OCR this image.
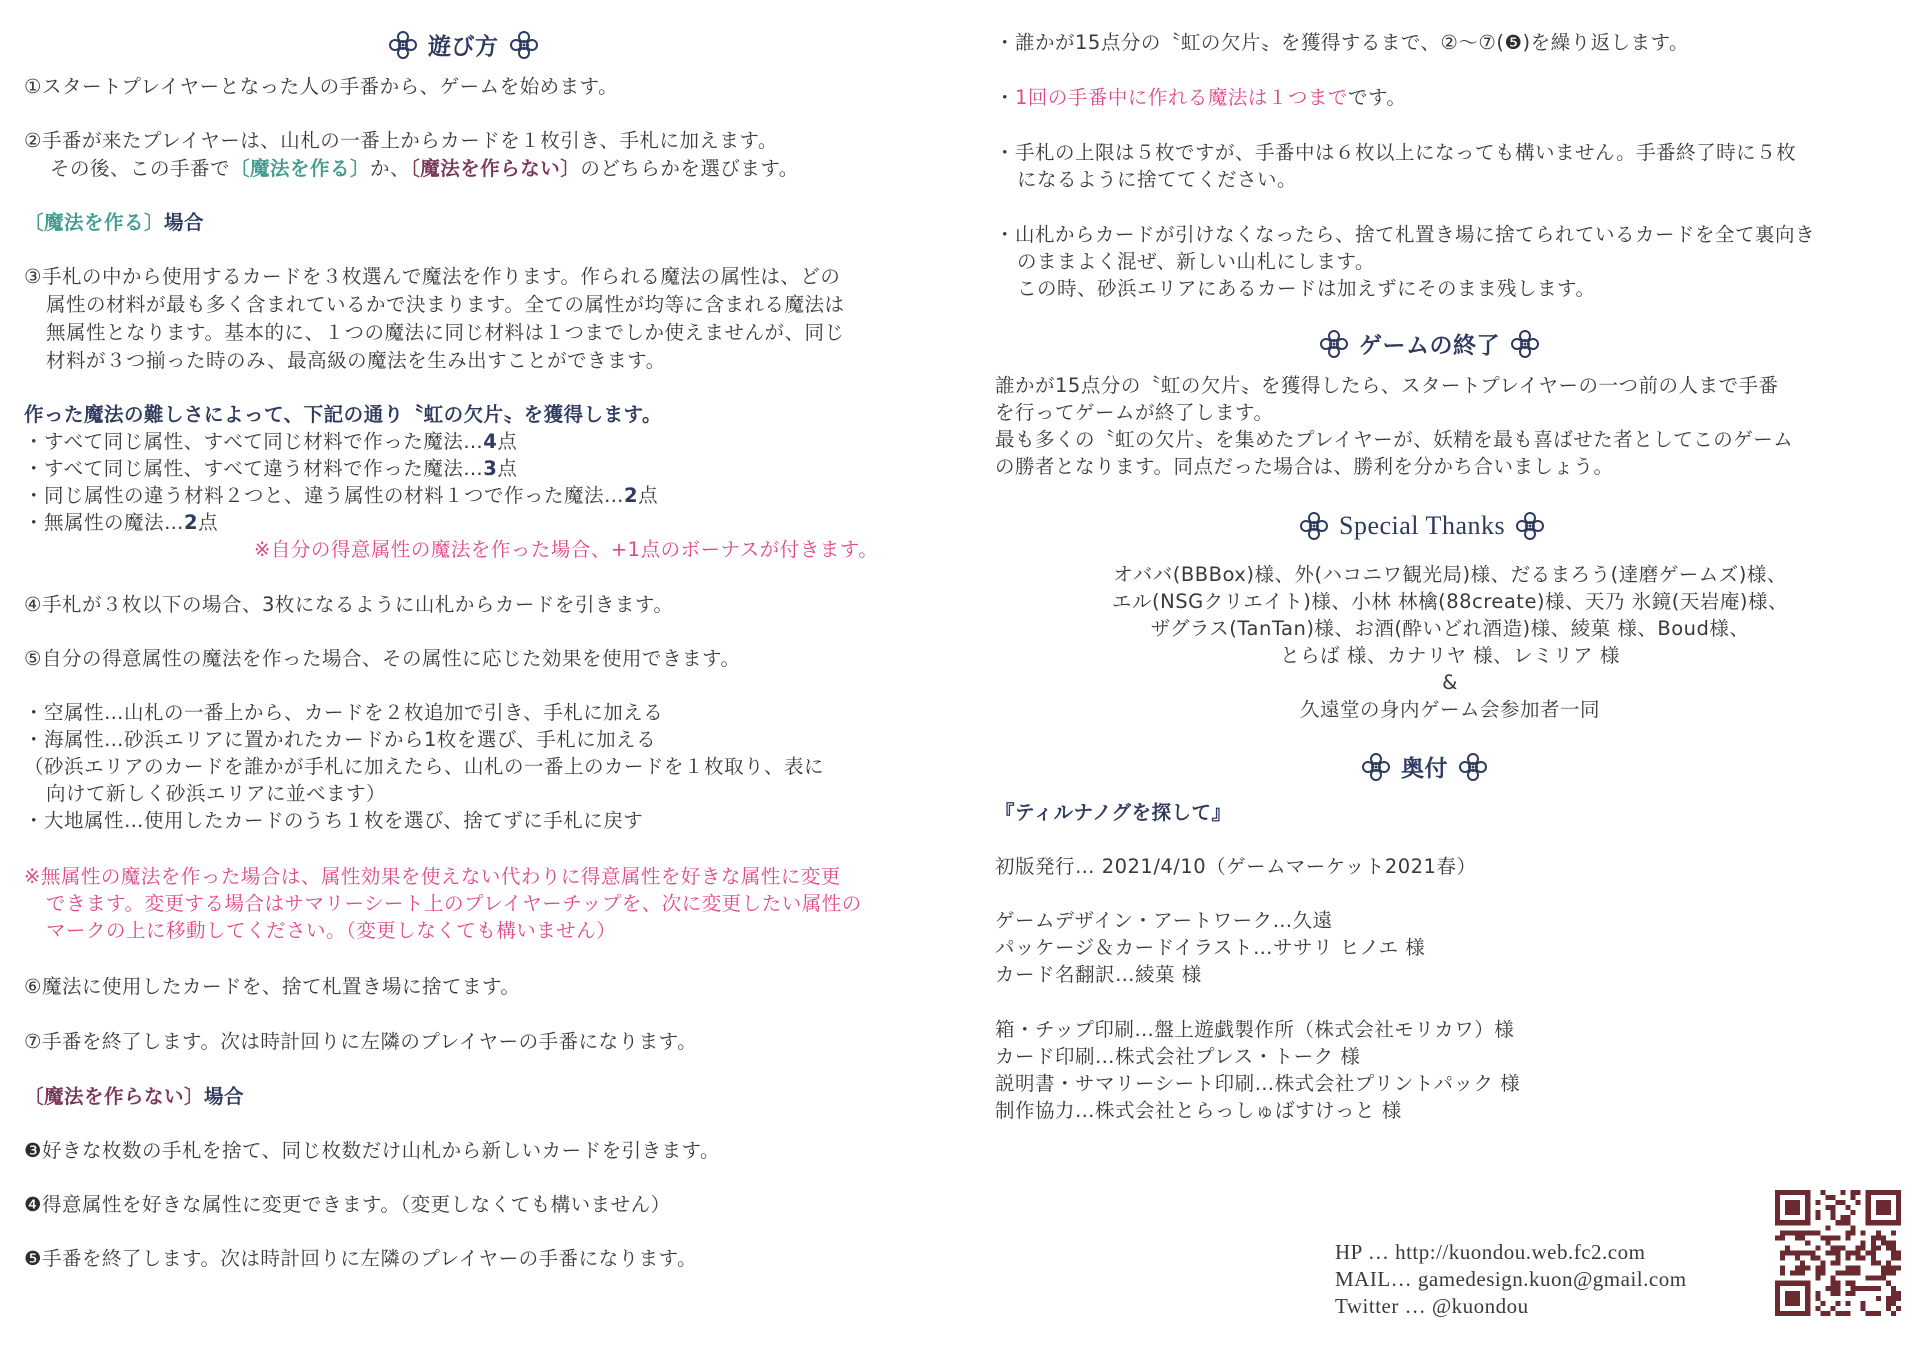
遊び方
①スタートプレイヤーとなった人の手番から、ゲームを始めます。
②手番が来たプレイヤーは、山札の一番上からカードを１枚引き、手札に加えます。
その後、この手番で〔魔法を作る〕か、〔魔法を作らない〕のどちらかを選びます。
〔魔法を作る〕場合
③手札の中から使用するカードを３枚選んで魔法を作ります。作られる魔法の属性は、どの
属性の材料が最も多く含まれているかで決まります。全ての属性が均等に含まれる魔法は
無属性となります。基本的に、１つの魔法に同じ材料は１つまでしか使えませんが、同じ
材料が３つ揃った時のみ、最高級の魔法を生み出すことができます。
作った魔法の難しさによって、下記の通り〝虹の欠片〟を獲得します。
・すべて同じ属性、すべて同じ材料で作った魔法…4点
・すべて同じ属性、すべて違う材料で作った魔法…3点
・同じ属性の違う材料２つと、違う属性の材料１つで作った魔法…2点
・無属性の魔法…2点
※自分の得意属性の魔法を作った場合、+1点のボーナスが付きます。
④手札が３枚以下の場合、3枚になるように山札からカードを引きます。
⑤自分の得意属性の魔法を作った場合、その属性に応じた効果を使用できます。
・空属性…山札の一番上から、カードを２枚追加で引き、手札に加える
・海属性…砂浜エリアに置かれたカードから1枚を選び、手札に加える
（砂浜エリアのカードを誰かが手札に加えたら、山札の一番上のカードを１枚取り、表に
向けて新しく砂浜エリアに並べます）
・大地属性…使用したカードのうち１枚を選び、捨てずに手札に戻す
※無属性の魔法を作った場合は、属性効果を使えない代わりに得意属性を好きな属性に変更
できます。変更する場合はサマリーシート上のプレイヤーチップを、次に変更したい属性の
マークの上に移動してください。（変更しなくても構いません）
⑥魔法に使用したカードを、捨て札置き場に捨てます。
⑦手番を終了します。次は時計回りに左隣のプレイヤーの手番になります。
〔魔法を作らない〕場合
❸好きな枚数の手札を捨て、同じ枚数だけ山札から新しいカードを引きます。
❹得意属性を好きな属性に変更できます。（変更しなくても構いません）
❺手番を終了します。次は時計回りに左隣のプレイヤーの手番になります。
・誰かが15点分の〝虹の欠片〟を獲得するまで、②～⑦(❺)を繰り返します。
・1回の手番中に作れる魔法は１つまでです。
・手札の上限は５枚ですが、手番中は６枚以上になっても構いません。手番終了時に５枚
になるように捨ててください。
・山札からカードが引けなくなったら、捨て札置き場に捨てられているカードを全て裏向き
のままよく混ぜ、新しい山札にします。
この時、砂浜エリアにあるカードは加えずにそのまま残します。
ゲームの終了
誰かが15点分の〝虹の欠片〟を獲得したら、スタートプレイヤーの一つ前の人まで手番
を行ってゲームが終了します。
最も多くの〝虹の欠片〟を集めたプレイヤーが、妖精を最も喜ばせた者としてこのゲーム
の勝者となります。同点だった場合は、勝利を分かち合いましょう。
Special Thanks
オババ(BBBox)様、外(ハコニワ観光局)様、だるまろう(達磨ゲームズ)様、
エル(NSGクリエイト)様、小林 林檎(88create)様、天乃 氷鏡(天岩庵)様、
ザグラス(TanTan)様、お酒(酔いどれ酒造)様、綾菓 様、Boud様、
とらば 様、カナリヤ 様、レミリア 様
&
久遠堂の身内ゲーム会参加者一同
奥付
『ティルナノグを探して』
初版発行… 2021/4/10（ゲームマーケット2021春）
ゲームデザイン・アートワーク…久遠
パッケージ＆カードイラスト…ササリ ヒノエ 様
カード名翻訳…綾菓 様
箱・チップ印刷…盤上遊戯製作所（株式会社モリカワ）様
カード印刷…株式会社プレス・トーク 様
説明書・サマリーシート印刷…株式会社プリントパック 様
制作協力…株式会社とらっしゅばすけっと 様
HP … http://kuondou.web.fc2.com
MAIL… gamedesign.kuon@gmail.com
Twitter … @kuondou
